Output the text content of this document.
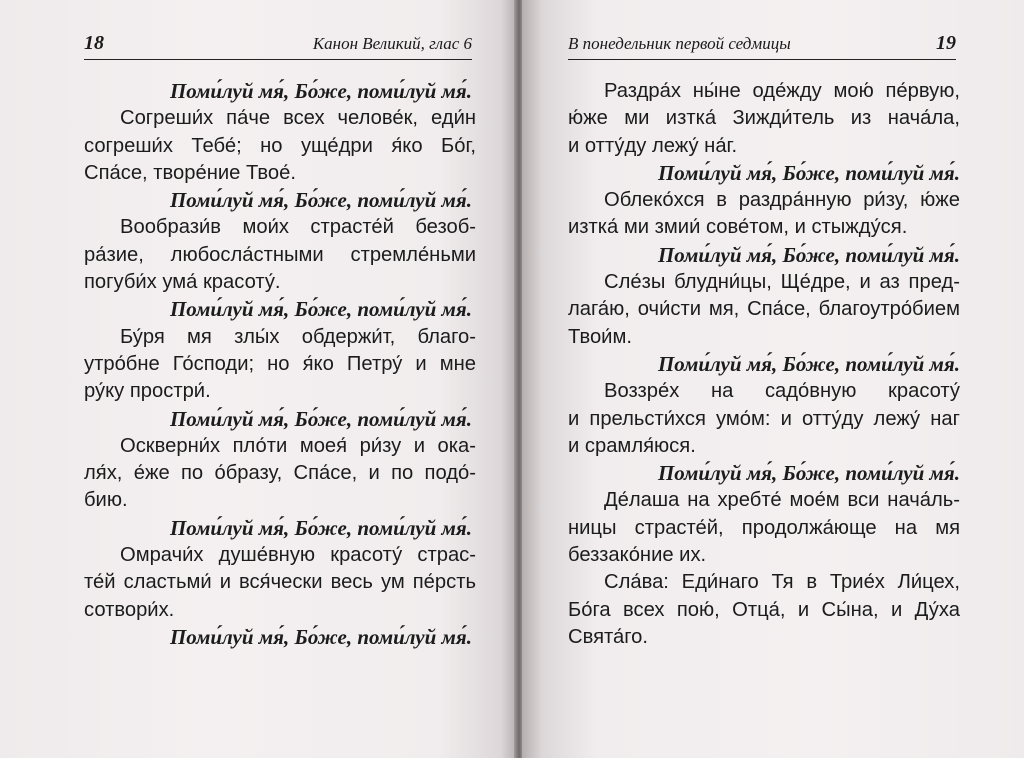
18	Канон Великий, глас 6
Поми́луй мя́, Бо́же, поми́луй мя́.
Согреши́х па́че всех челове́к, еди́н
согреши́х Тебе́; но уще́дри я́ко Бо́г,
Спа́се, творе́ние Твое́.
Поми́луй мя́, Бо́же, поми́луй мя́.
Вообрази́в мои́х страсте́й безоб-
ра́зие, любосла́стными стремле́ньми
погуби́х ума́ красоту́.
Поми́луй мя́, Бо́же, поми́луй мя́.
Бу́ря мя злы́х обдержи́т, благо-
утро́бне Го́споди; но я́ко Петру́ и мне
ру́ку простри́.
Поми́луй мя́, Бо́же, поми́луй мя́.
Оскверни́х пло́ти моея́ ри́зу и ока-
ля́х, е́же по о́бразу, Спа́се, и по подо́-
бию.
Поми́луй мя́, Бо́же, поми́луй мя́.
Омрачи́х душе́вную красоту́ страс-
те́й сластьми́ и вся́чески весь ум пе́рсть
сотвори́х.
Поми́луй мя́, Бо́же, поми́луй мя́.
В понедельник первой седмицы	19
Раздра́х ны́не оде́жду мою́ пе́рвую,
ю́же ми изтка́ Зижди́тель из нача́ла,
и отту́ду лежу́ на́г.
Поми́луй мя́, Бо́же, поми́луй мя́.
Облеко́хся в раздра́нную ри́зу, ю́же
изтка́ ми змии́ сове́том, и стыжду́ся.
Поми́луй мя́, Бо́же, поми́луй мя́.
Сле́зы блудни́цы, Ще́дре, и аз пред-
лага́ю, очи́сти мя, Спа́се, благоутро́бием
Твои́м.
Поми́луй мя́, Бо́же, поми́луй мя́.
Воззре́х на садо́вную красоту́
и прельсти́хся умо́м: и отту́ду лежу́ наг
и срамля́юся.
Поми́луй мя́, Бо́же, поми́луй мя́.
Де́лаша на хребте́ мое́м вси нача́ль-
ницы страсте́й, продолжа́юще на мя
беззако́ние их.
Сла́ва: Еди́наго Тя в Трие́х Ли́цех,
Бо́га всех пою́, Отца́, и Сы́на, и Ду́ха
Свята́го.
